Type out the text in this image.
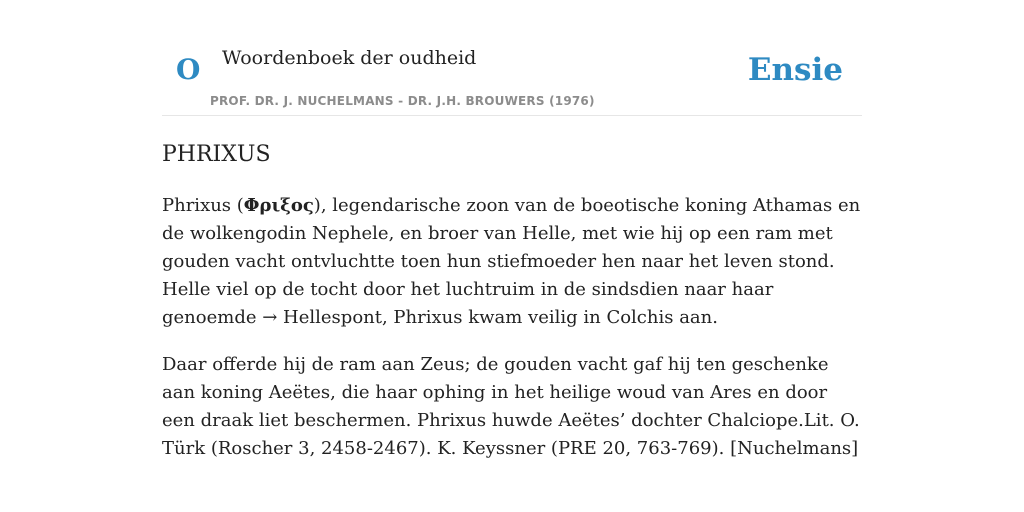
O Woordenboek der oudheid
PROF. DR. J. NUCHELMANS - DR. J.H. BROUWERS (1976)
Ensie
PHRIXUS

Phrixus (Φριξος), legendarische zoon van de boeotische koning Athamas en de wolkengodin Nephele, en broer van Helle, met wie hij op een ram met gouden vacht ontvluchtte toen hun stiefmoeder hen naar het leven stond. Helle viel op de tocht door het luchtruim in de sindsdien naar haar genoemde → Hellespont, Phrixus kwam veilig in Colchis aan.

Daar offerde hij de ram aan Zeus; de gouden vacht gaf hij ten geschenke aan koning Aeëtes, die haar ophing in het heilige woud van Ares en door een draak liet beschermen. Phrixus huwde Aeëtes’ dochter Chalciope.Lit. O. Türk (Roscher 3, 2458-2467). K. Keyssner (PRE 20, 763-769). [Nuchelmans]
